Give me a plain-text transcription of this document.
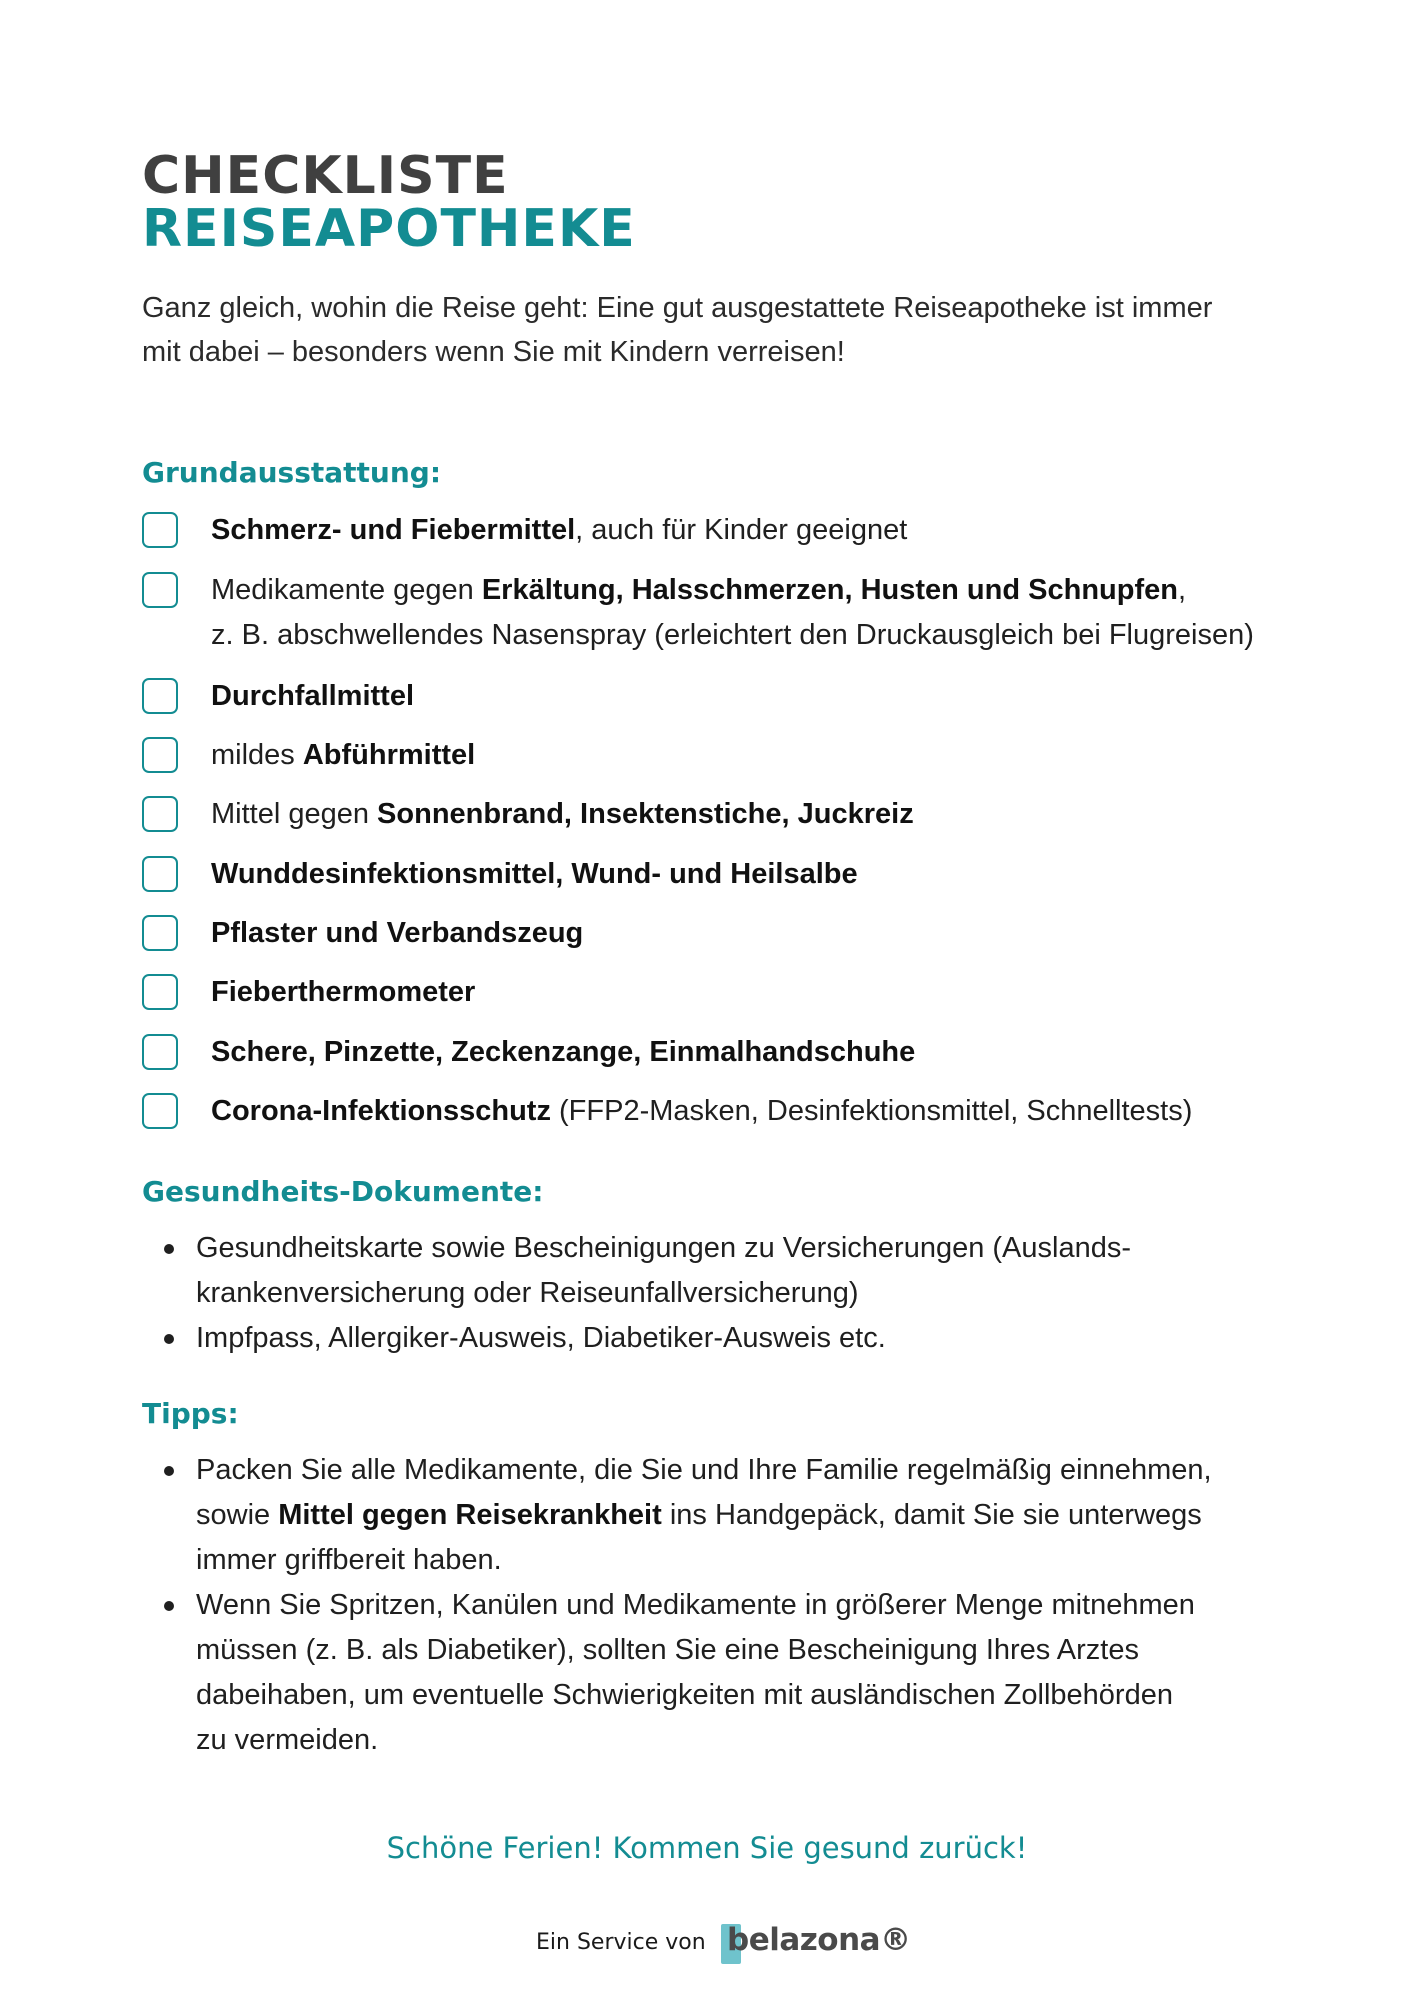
CHECKLISTE
REISEAPOTHEKE

Ganz gleich, wohin die Reise geht: Eine gut ausgestattete Reiseapotheke ist immer
mit dabei – besonders wenn Sie mit Kindern verreisen!

Grundausstattung:
Schmerz- und Fiebermittel, auch für Kinder geeignet
Medikamente gegen Erkältung, Halsschmerzen, Husten und Schnupfen,
z. B. abschwellendes Nasenspray (erleichtert den Druckausgleich bei Flugreisen)
Durchfallmittel
mildes Abführmittel
Mittel gegen Sonnenbrand, Insektenstiche, Juckreiz
Wunddesinfektionsmittel, Wund- und Heilsalbe
Pflaster und Verbandszeug
Fieberthermometer
Schere, Pinzette, Zeckenzange, Einmalhandschuhe
Corona-Infektionsschutz (FFP2-Masken, Desinfektionsmittel, Schnelltests)
Gesundheits-Dokumente:
Gesundheitskarte sowie Bescheinigungen zu Versicherungen (Auslands-
krankenversicherung oder Reiseunfallversicherung)
Impfpass, Allergiker-Ausweis, Diabetiker-Ausweis etc.
Tipps:
Packen Sie alle Medikamente, die Sie und Ihre Familie regelmäßig einnehmen,
sowie Mittel gegen Reisekrankheit ins Handgepäck, damit Sie sie unterwegs
immer griffbereit haben.
Wenn Sie Spritzen, Kanülen und Medikamente in größerer Menge mitnehmen
müssen (z. B. als Diabetiker), sollten Sie eine Bescheinigung Ihres Arztes
dabeihaben, um eventuelle Schwierigkeiten mit ausländischen Zollbehörden
zu vermeiden.

Schöne Ferien! Kommen Sie gesund zurück!

Ein Service von belazona®
